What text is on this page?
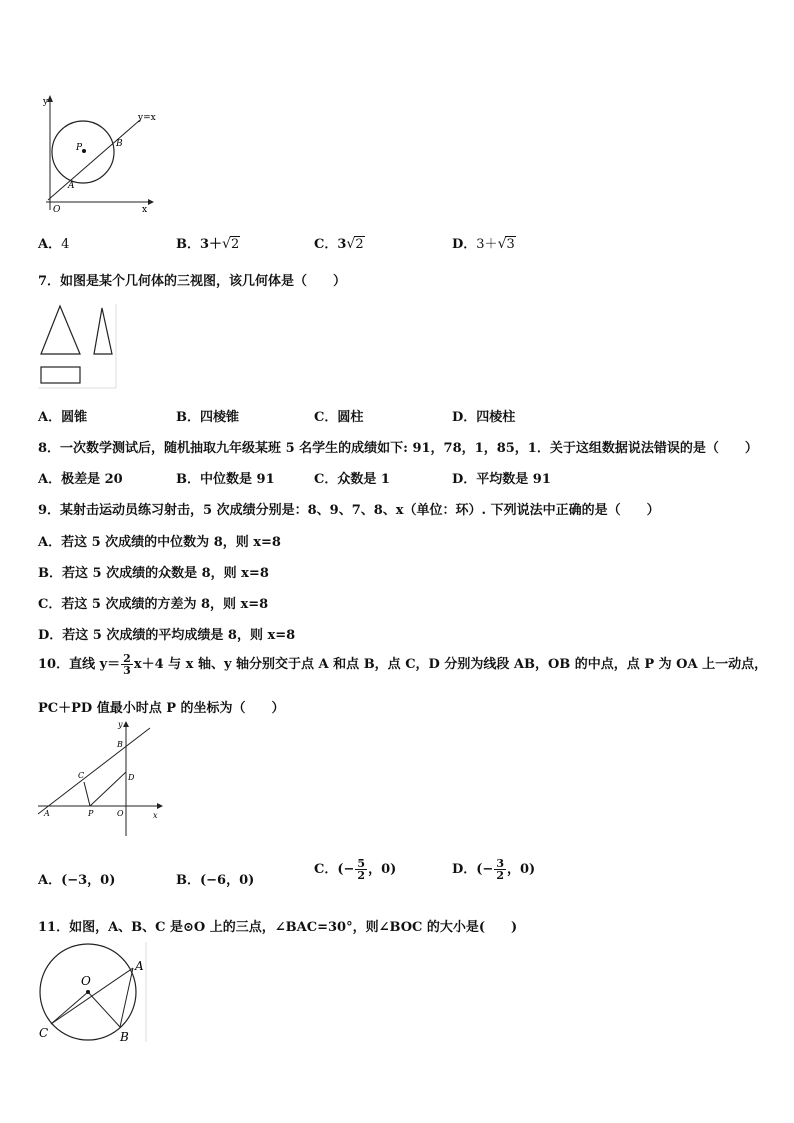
y
x
y=x
P	B
A
O
A．4	B．3＋√2	C．3√2	D．3＋√3
7．如图是某个几何体的三视图，该几何体是（　　）
A．圆锥	B．四棱锥	C．圆柱	D．四棱柱
8．一次数学测试后，随机抽取九年级某班 5 名学生的成绩如下: 91，78，1，85，1．关于这组数据说法错误的是（　　）
A．极差是 20	B．中位数是 91	C．众数是 1	D．平均数是 91
9．某射击运动员练习射击，5 次成绩分别是：8、9、7、8、x（单位：环）. 下列说法中正确的是（　　）
A．若这 5 次成绩的中位数为 8，则 x=8
B．若这 5 次成绩的众数是 8，则 x=8
C．若这 5 次成绩的方差为 8，则 x=8
D．若这 5 次成绩的平均成绩是 8，则 x=8
10．直线 $y= \frac{2}{3} x+4$ 与 x 轴、y 轴分别交于点 A 和点 B，点 C，D 分别为线段 AB，OB 的中点，点 P 为 OA 上一动点，
PC＋PD 值最小时点 P 的坐标为（　　）
y
x
B
C	D
A	P	O
A．(−3，0)	B．(−6，0)
C．(− $\frac{5}{2}$ ，0)	D．(− $\frac{3}{2}$ ，0)
11．如图，A、B、C 是⊙O 上的三点，∠BAC=30°，则∠BOC 的大小是(　　)
O
A
C	B
